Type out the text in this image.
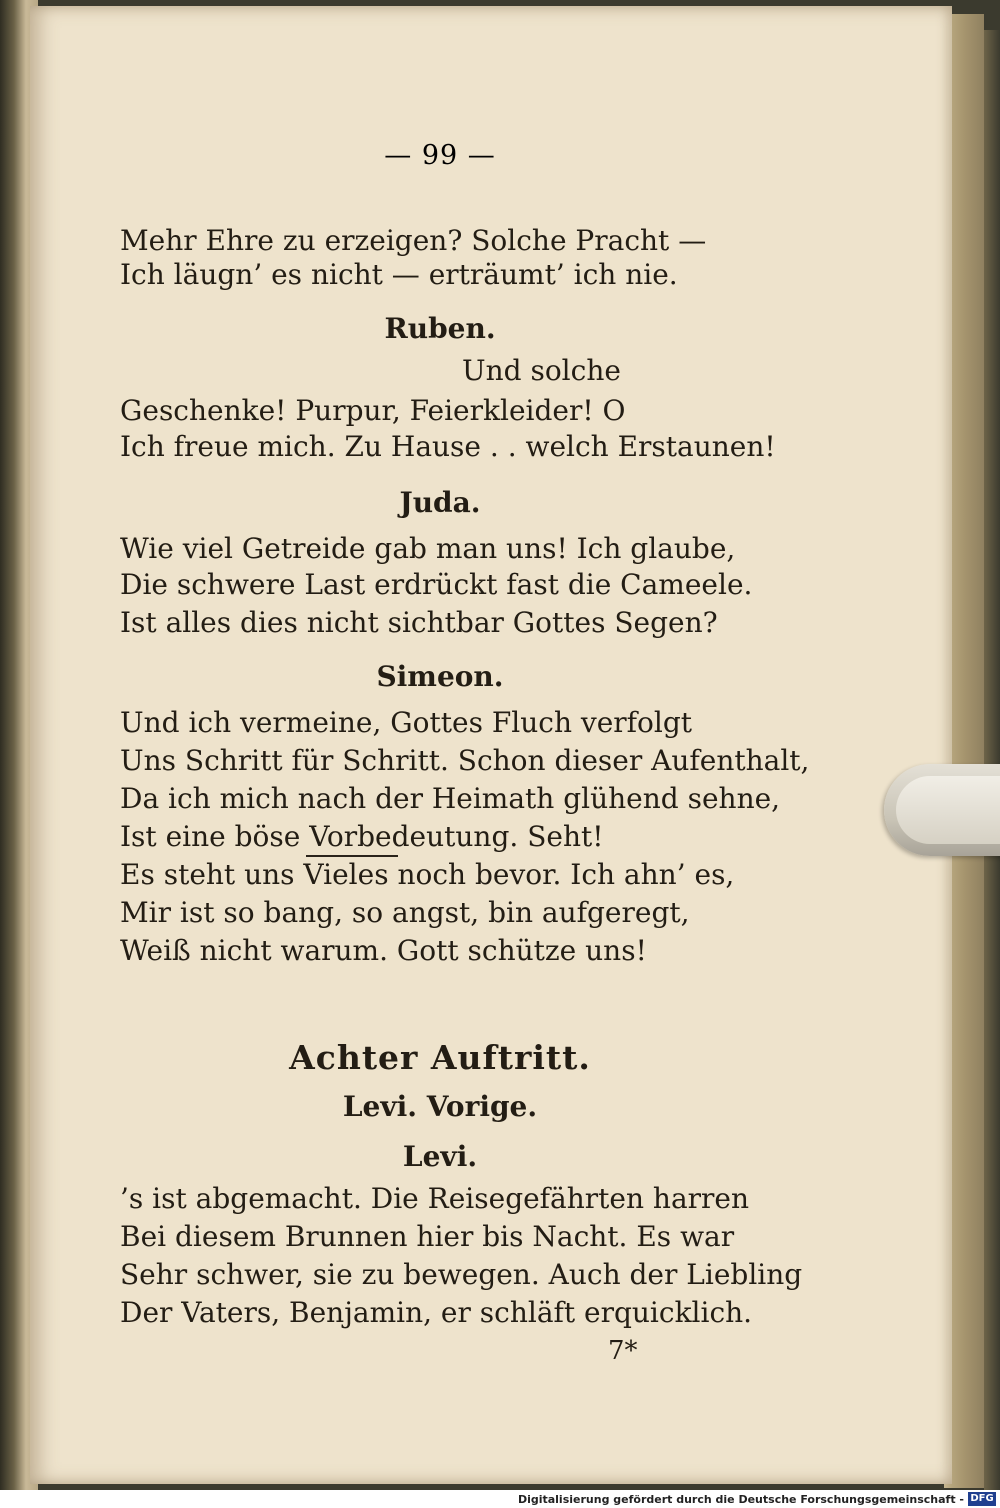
— 99 —
Mehr Ehre zu erzeigen? Solche Pracht —
Ich läugn’ es nicht — erträumt’ ich nie.
Ruben.
Und solche
Geschenke! Purpur, Feierkleider! O
Ich freue mich. Zu Hause . . welch Erstaunen!
Juda.
Wie viel Getreide gab man uns! Ich glaube,
Die schwere Last erdrückt fast die Cameele.
Ist alles dies nicht sichtbar Gottes Segen?
Simeon.
Und ich vermeine, Gottes Fluch verfolgt
Uns Schritt für Schritt. Schon dieser Aufenthalt,
Da ich mich nach der Heimath glühend sehne,
Ist eine böse Vorbedeutung. Seht!
Es steht uns Vieles noch bevor. Ich ahn’ es,
Mir ist so bang, so angst, bin aufgeregt,
Weiß nicht warum. Gott schütze uns!
Achter Auftritt.
Levi. Vorige.
Levi.
’s ist abgemacht. Die Reisegefährten harren
Bei diesem Brunnen hier bis Nacht. Es war
Sehr schwer, sie zu bewegen. Auch der Liebling
Der Vaters, Benjamin, er schläft erquicklich.
7*
Digitalisierung gefördert durch die Deutsche Forschungsgemeinschaft - DFG
